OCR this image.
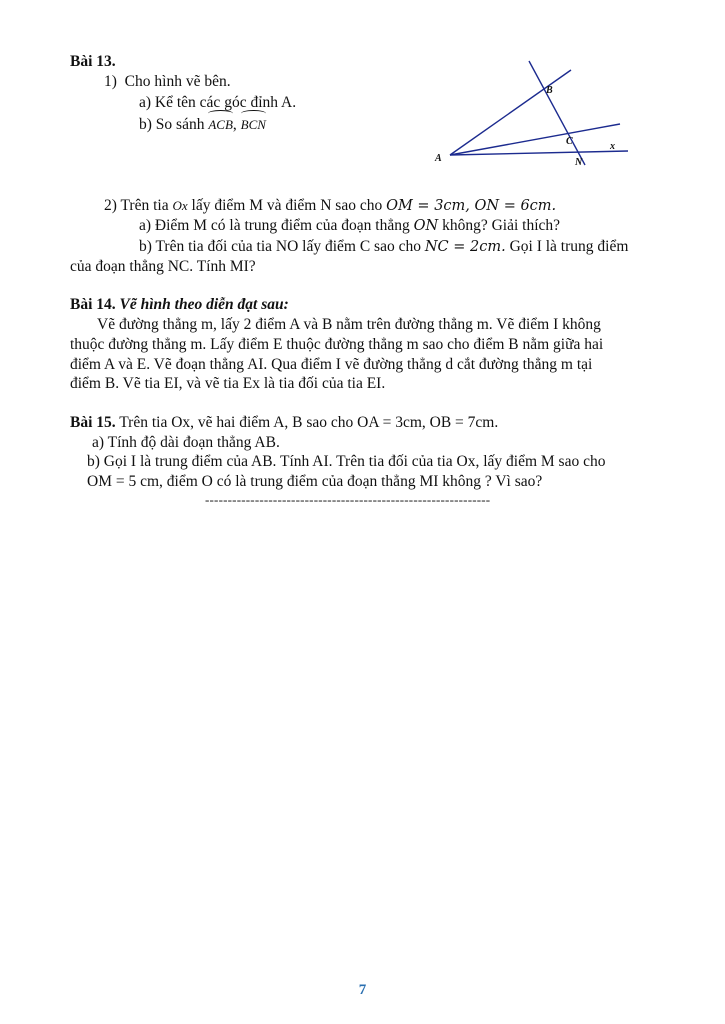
Bài 13.
1) Cho hình vẽ bên.
a) Kể tên các góc đỉnh A.
b) So sánh ACB, BCN
A
B
C
N
x
2) Trên tia Ox lấy điểm M và điểm N sao cho OM = 3cm, ON = 6cm.
a) Điểm M có là trung điểm của đoạn thẳng ON không? Giải thích?
b) Trên tia đối của tia NO lấy điểm C sao cho NC = 2cm. Gọi I là trung điểm
của đoạn thẳng NC. Tính MI?
Bài 14. Vẽ hình theo diễn đạt sau:
Vẽ đường thẳng m, lấy 2 điểm A và B nằm trên đường thẳng m. Vẽ điểm I không
thuộc đường thẳng m. Lấy điểm E thuộc đường thẳng m sao cho điểm B nằm giữa hai
điểm A và E. Vẽ đoạn thẳng AI. Qua điểm I vẽ đường thẳng d cắt đường thẳng m tại
điểm B. Vẽ tia EI, và vẽ tia Ex là tia đối của tia EI.
Bài 15. Trên tia Ox, vẽ hai điểm A, B sao cho OA = 3cm, OB = 7cm.
a) Tính độ dài đoạn thẳng AB.
b) Gọi I là trung điểm của AB. Tính AI. Trên tia đối của tia Ox, lấy điểm M sao cho
OM = 5 cm, điểm O có là trung điểm của đoạn thẳng MI không ? Vì sao?
---------------------------------------------------------------
7
